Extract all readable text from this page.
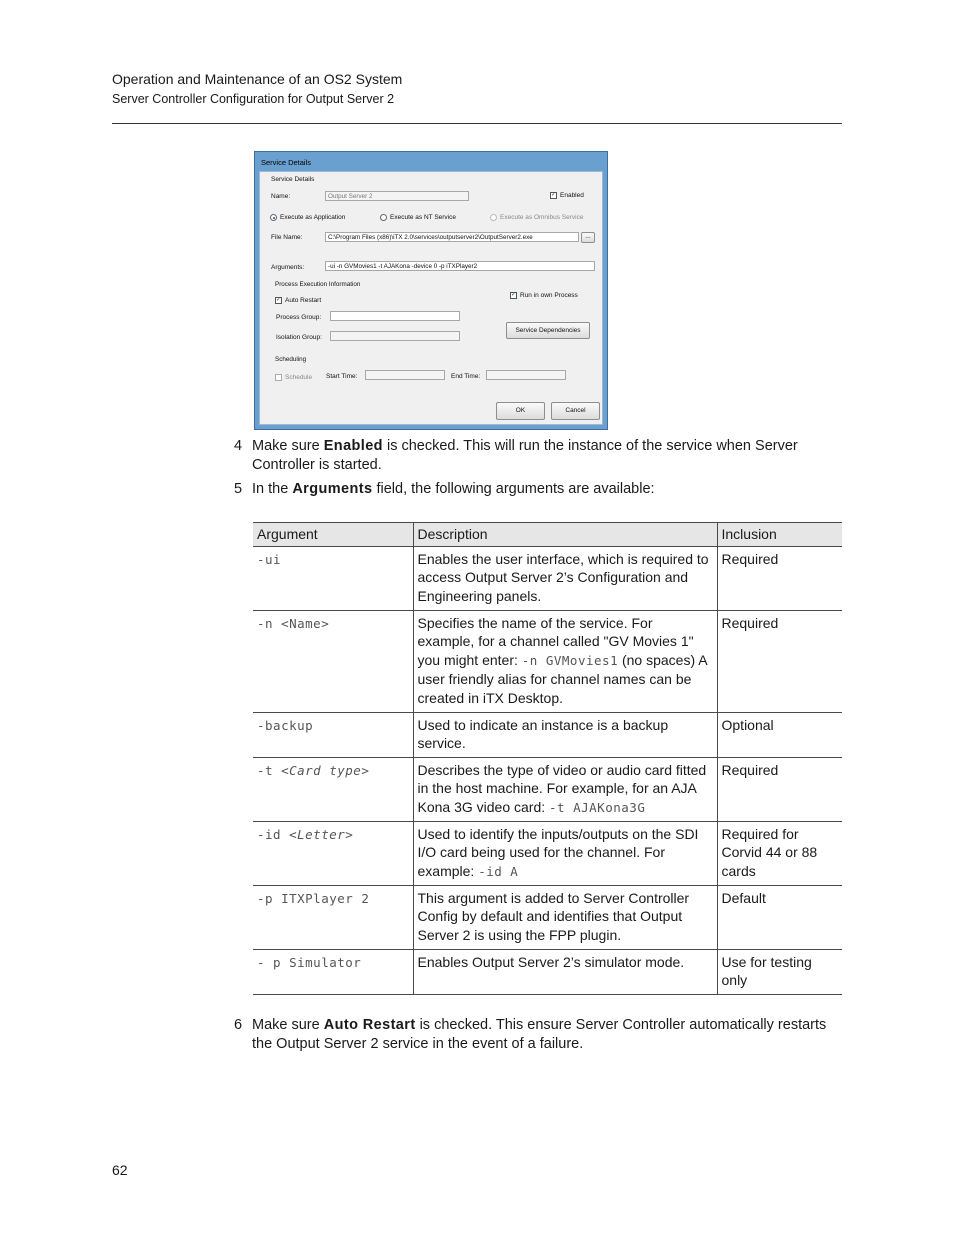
Operation and Maintenance of an OS2 System
Server Controller Configuration for Output Server 2
Service Details
Service Details
Name:	Output Server 2	✓ Enabled
Execute as Application	Execute as NT Service	Execute as Omnibus Service
File Name:	C:\Program Files (x86)\iTX 2.0\services\outputserver2\OutputServer2.exe	...
Arguments:	-ui -n GVMovies1 -t AJAKona -device 0 -p iTXPlayer2
Process Execution Information
✓ Auto Restart
✓ Run in own Process
Process Group:
Isolation Group:
Service Dependencies
Scheduling
Schedule Start Time:	End Time:
OK	Cancel
4 Make sure Enabled is checked. This will run the instance of the service when Server Controller is started.
5 In the Arguments field, the following arguments are available:
Argument	Description	Inclusion
-ui	Enables the user interface, which is required to access Output Server 2’s Configuration and Engineering panels.	Required
-n <Name>	Specifies the name of the service. For example, for a channel called "GV Movies 1" you might enter: -n GVMovies1 (no spaces) A user friendly alias for channel names can be created in iTX Desktop.	Required
-backup	Used to indicate an instance is a backup service.	Optional
-t <Card type>	Describes the type of video or audio card fitted in the host machine. For example, for an AJA Kona 3G video card: -t AJAKona3G	Required
-id <Letter>	Used to identify the inputs/outputs on the SDI I/O card being used for the channel. For example: -id A	Required for Corvid 44 or 88 cards
-p ITXPlayer 2	This argument is added to Server Controller Config by default and identifies that Output Server 2 is using the FPP plugin.	Default
- p Simulator	Enables Output Server 2’s simulator mode.	Use for testing only
6 Make sure Auto Restart is checked. This ensure Server Controller automatically restarts the Output Server 2 service in the event of a failure.
62
